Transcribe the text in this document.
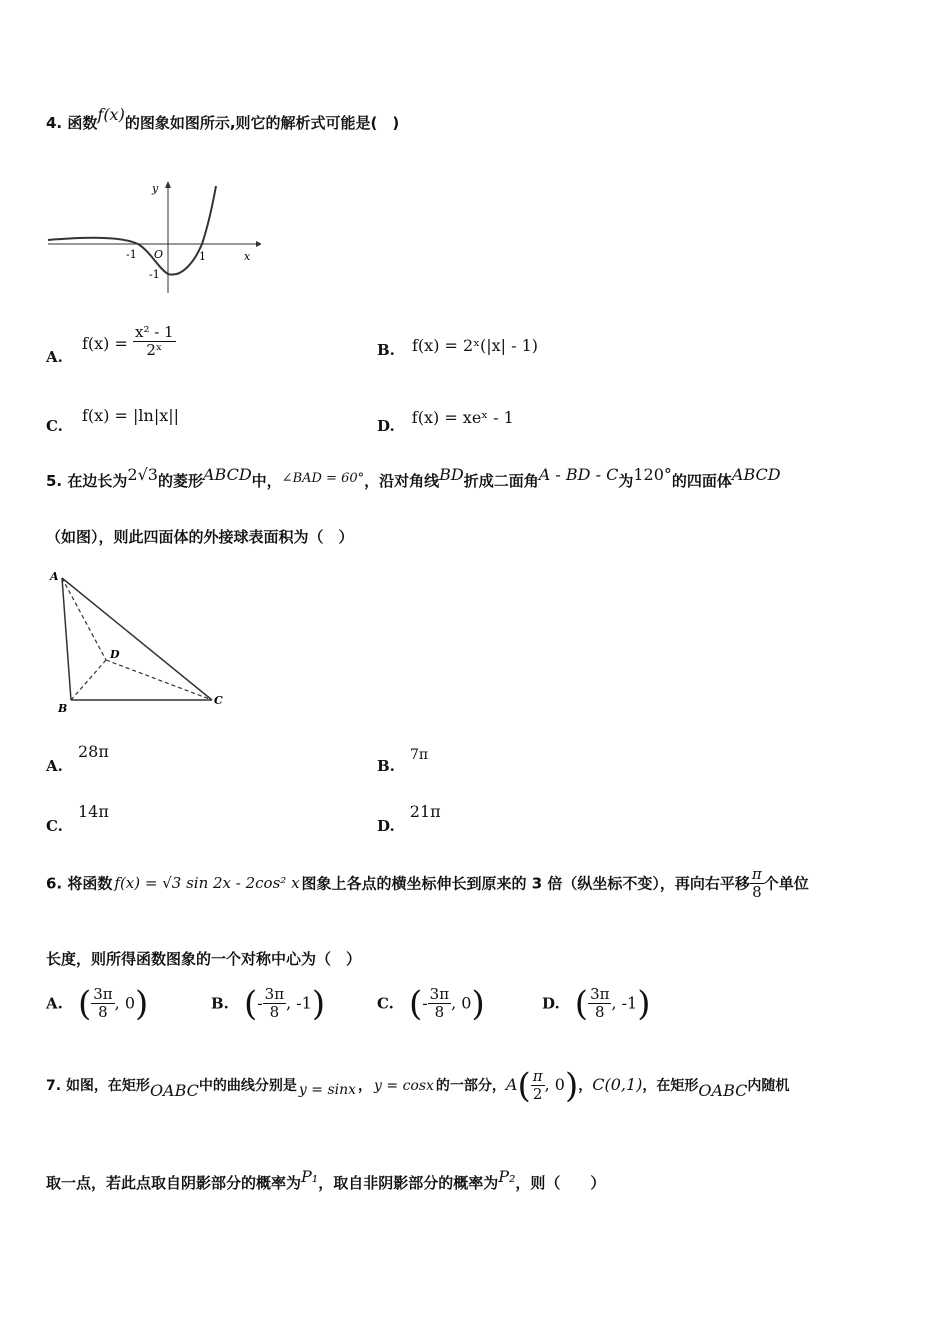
4. 函数f(x)的图象如图所示,则它的解析式可能是(　)
y
x
O
-1	1
-1
A. $f(x) = \frac{\text{x² - 1}}{\text{2ˣ}}$	B. f(x) = 2ˣ(|x| - 1)
C. f(x) = |ln|x||
D. f(x) = xeˣ - 1
5. 在边长为2√3的菱形ABCD中，∠BAD = 60°，沿对角线BD折成二面角A - BD - C为120°的四面体ABCD
（如图），则此四面体的外接球表面积为（　）
A
B
C
D
A. 28π
B. 7π
C. 14π
D. 21π
6. 将函数 f(x) = √3 sin 2x - 2cos² x 图象上各点的横坐标伸长到原来的 3 倍（纵坐标不变），再向右平移 $\frac{\pi}{8}$ 个单位
长度，则所得函数图象的一个对称中心为（　）
A. ( $\frac{3\pi}{8}$ , 0)	B. (- $\frac{3\pi}{8}$ , -1)	C. (- $\frac{3\pi}{8}$ , 0)	D. ( $\frac{3\pi}{8}$ , -1)
7. 如图，在矩形OABC中的曲线分别是 y = sinx ， y = cosx 的一部分，$A( \frac{\pi}{2}$ , 0)，C(0,1)，在矩形OABC内随机
取一点，若此点取自阴影部分的概率为P₁，取自非阴影部分的概率为P₂，则（　　）
